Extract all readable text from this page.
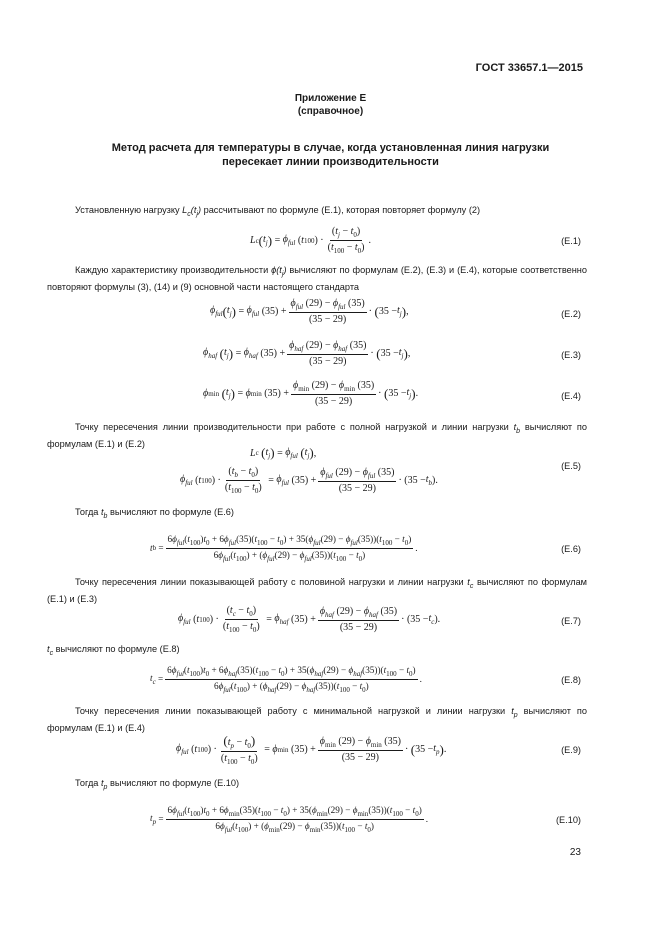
ГОСТ 33657.1—2015
Приложение Е
(справочное)
Метод расчета для температуры в случае, когда установленная линия нагрузки
пересекает линии производительности
Установленную нагрузку $L_c(t_j)$ рассчитывают по формуле (Е.1), которая повторяет формулу (2)
L c ( $t_j$ ) = $\phi_{ful}$ ( t 100 ) · $\frac{(t_j - t_0)}{(t_{100} - t_0)}$ .	(Е.1)
Каждую характеристику производительности $\phi(t_j)$ вычисляют по формулам (Е.2), (Е.3) и (Е.4), которые соответственно повторяют формулы (3), (14) и (9) основной части настоящего стандарта
$\phi_{ful}$ ( $t_j$ ) = $\phi_{ful}$ $(35) + \frac{\phi_{ful} (29) - \phi_{ful} (35)}{(35 - 29)}$ · ( $35 - t_j$ ) ,	(Е.2)
$\phi_{hаf}$
( $t_j$ ) = $\phi_{hаf}$ $(35) + \frac{\phi_{hаf} (29) - \phi_{hаf} (35)}{(35 - 29)}$ · ( $35 - t_j$ ) ,	(Е.3)
ϕ min
( $t_j$ ) = ϕ $\min (35) + \frac{\phi_{min} (29) - \phi_{min} (35)}{(35 - 29)}$ · ( $35 - t_j$ ) .	(Е.4)
Точку пересечения линии производительности при работе с полной нагрузкой и линии нагрузки $t_b$ вычисляют по формулам (Е.1) и (Е.2)
L c
( $t_j$ ) = $\phi_{ful}$
( $t_j$ ) ,
$\phi_{ful}$ ( t 100 ) · $\frac{(t_b - t_0)}{(t_{100} - t_0)} = \phi_{ful}$ $(35) + \frac{\phi_{ful} (29) - \phi_{ful} (35)}{(35 - 29)} \cdot (35 - t_b$ ).
(Е.5)
Тогда $t_b$ вычисляют по формуле (Е.6)
t b =
$6\phi_{ful}(t_{100})t_0 + 6\phi_{ful}(35)(t_{100} - t_0) + 35(\phi_{ful}(29) - \phi_{ful}(35))(t_{100} - t_0)$
$6\phi_{ful}(t_{100}) + (\phi_{ful}(29) - \phi_{ful}(35))(t_{100} - t_0)$
.	(Е.6)
Точку пересечения линии показывающей работу с половиной нагрузки и линии нагрузки $t_c$ вычисляют по формулам (Е.1) и (Е.3)
$\phi_{ful}$ ( t 100 ) · $\frac{(t_c - t_0)}{(t_{100} - t_0)} = \phi_{hаf}$ $(35) + \frac{\phi_{hаf} (29) - \phi_{hаf} (35)}{(35 - 29)} \cdot (35 - t_c$ ).	(Е.7)
$t_c$ вычисляют по формуле (Е.8)
$t_c$ =
$6\phi_{ful}(t_{100})t_0 + 6\phi_{hаf}(35)(t_{100} - t_0) + 35(\phi_{hаf}(29) - \phi_{hаf}(35))(t_{100} - t_0)$
$6\phi_{ful}(t_{100}) + (\phi_{hаf}(29) - \phi_{hаf}(35))(t_{100} - t_0)$
.	(Е.8)
Точку пересечения линии показывающей работу с минимальной нагрузкой и линии нагрузки $t_p$ вычисляют по формулам (Е.1) и (Е.4)
$\phi_{ful}$ ( t 100 ) · $\frac{(t_p - t_0)}{(t_{100} - t_0)} = \phi$ $\min (35) + \frac{\phi_{min} (29) - \phi_{min} (35)}{(35 - 29)}$ · ( $35 - t_p$ ) .	(Е.9)
Тогда $t_p$ вычисляют по формуле (Е.10)
$t_p$ =
$6\phi_{ful}(t_{100})t_0 + 6\phi_{min}(35)(t_{100} - t_0) + 35(\phi_{min}(29) - \phi_{min}(35))(t_{100} - t_0)$
$6\phi_{ful}(t_{100}) + (\phi_{min}(29) - \phi_{min}(35))(t_{100} - t_0)$
.	(Е.10)
23
